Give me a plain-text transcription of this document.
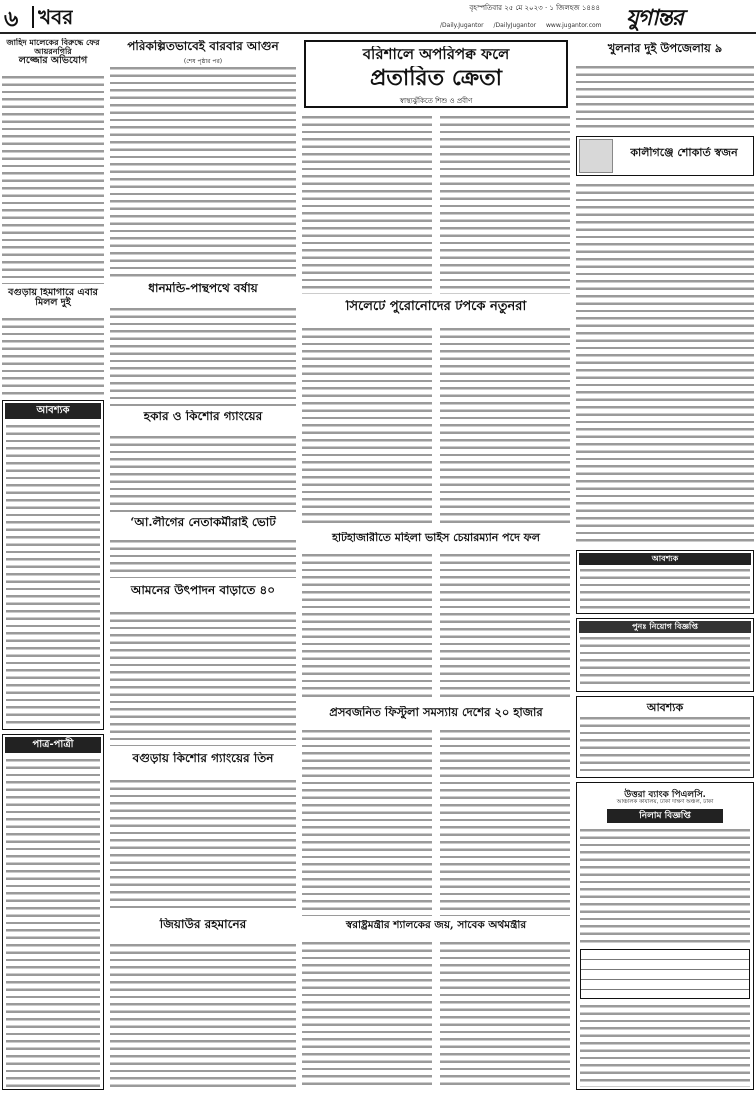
৬ খবর	বৃহস্পতিবার ২৫ মে ২০২৩ · ১ জিলহজ ১৪৪৪
/Daily.Jugantor /DailyJugantor www.jugantor.com	যুগান্তর
জাহিদ মালেকের বিরুদ্ধে ফের আয়রনগিরি
লজ্জাের অভিযোগ
বগুড়ায় হিমাগারে এবার মিলল দুই
আবশ্যক
পাত্র-পাত্রী
পরিকল্পিতভাবেই বারবার আগুন
(শেষ পৃষ্ঠার পর)
ধানমন্ডি-পান্থপথে বর্ষায়
হকার ও কিশোর গ্যাংয়ের
‘আ.লীগের নেতাকর্মীরাই ভোট
আমনের উৎপাদন বাড়াতে ৪০
বগুড়ায় কিশোর গ্যাংয়ের তিন
জিয়াউর রহমানের
বরিশালে অপরিপক্ব ফলে
প্রতারিত ক্রেতা
স্বাস্থ্যঝুঁকিতে শিশু ও প্রবীণ
সিলেটে পুরোনোদের টপকে নতুনরা
হাটহাজারীতে মহিলা ভাইস চেয়ারম্যান পদে ফল
প্রসবজনিত ফিস্টুলা সমস্যায় দেশের ২০ হাজার
স্বরাষ্ট্রমন্ত্রীর শ্যালকের জয়, সাবেক অর্থমন্ত্রীর
খুলনার দুই উপজেলায় ৯
কালীগঞ্জে শোকার্ত স্বজন
আবশ্যক
পুনঃ নিয়োগ বিজ্ঞপ্তি
আবশ্যক
উত্তরা ব্যাংক পিএলসি.
আঞ্চলিক কার্যালয়, ঢাকা দক্ষিণ অঞ্চল, ঢাকা
নিলাম বিজ্ঞপ্তি
